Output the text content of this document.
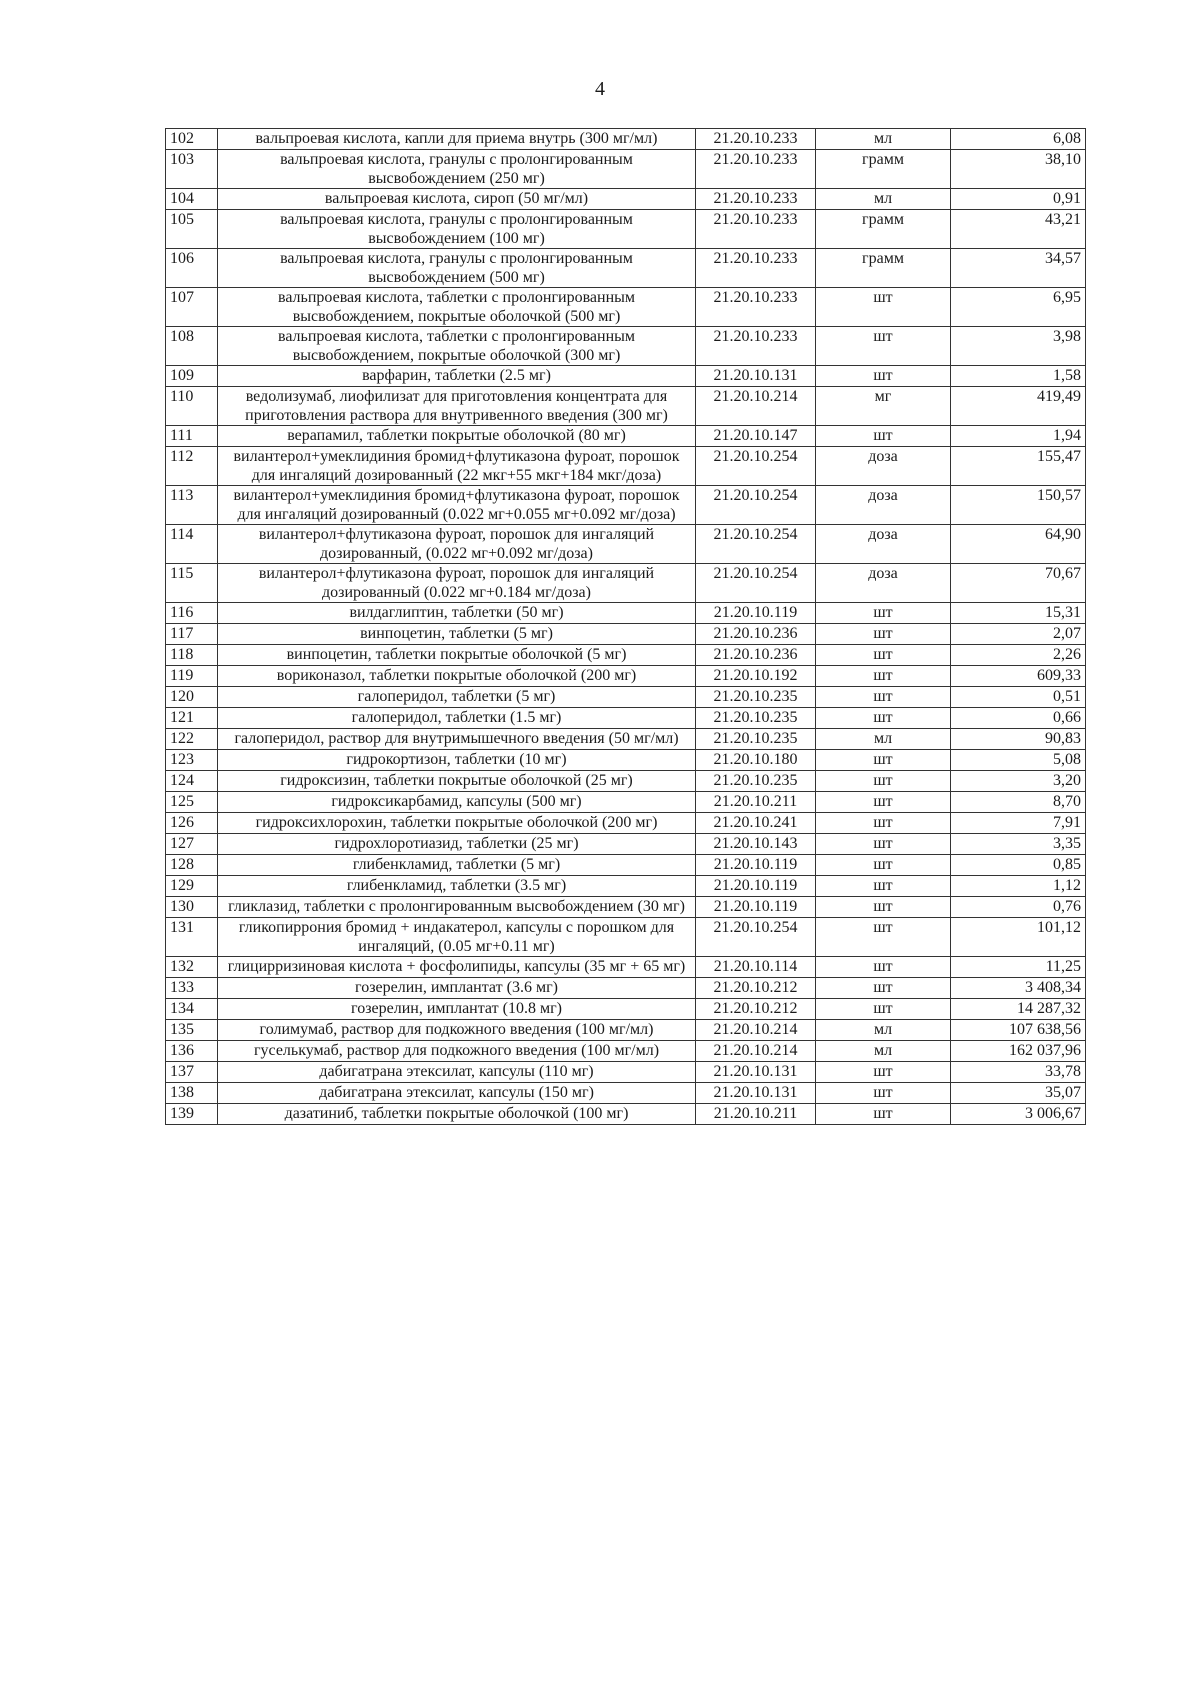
4
102	вальпроевая кислота, капли для приема внутрь (300 мг/мл)	21.20.10.233	мл	6,08
103	вальпроевая кислота, гранулы с пролонгированным высвобождением (250 мг)	21.20.10.233	грамм	38,10
104	вальпроевая кислота, сироп (50 мг/мл)	21.20.10.233	мл	0,91
105	вальпроевая кислота, гранулы с пролонгированным высвобождением (100 мг)	21.20.10.233	грамм	43,21
106	вальпроевая кислота, гранулы с пролонгированным высвобождением (500 мг)	21.20.10.233	грамм	34,57
107	вальпроевая кислота, таблетки с пролонгированным высвобождением, покрытые оболочкой (500 мг)	21.20.10.233	шт	6,95
108	вальпроевая кислота, таблетки с пролонгированным высвобождением, покрытые оболочкой (300 мг)	21.20.10.233	шт	3,98
109	варфарин, таблетки (2.5 мг)	21.20.10.131	шт	1,58
110	ведолизумаб, лиофилизат для приготовления концентрата для приготовления раствора для внутривенного введения (300 мг)	21.20.10.214	мг	419,49
111	верапамил, таблетки покрытые оболочкой (80 мг)	21.20.10.147	шт	1,94
112	вилантерол+умеклидиния бромид+флутиказона фуроат, порошок для ингаляций дозированный (22 мкг+55 мкг+184 мкг/доза)	21.20.10.254	доза	155,47
113	вилантерол+умеклидиния бромид+флутиказона фуроат, порошок для ингаляций дозированный (0.022 мг+0.055 мг+0.092 мг/доза)	21.20.10.254	доза	150,57
114	вилантерол+флутиказона фуроат, порошок для ингаляций дозированный, (0.022 мг+0.092 мг/доза)	21.20.10.254	доза	64,90
115	вилантерол+флутиказона фуроат, порошок для ингаляций дозированный (0.022 мг+0.184 мг/доза)	21.20.10.254	доза	70,67
116	вилдаглиптин, таблетки (50 мг)	21.20.10.119	шт	15,31
117	винпоцетин, таблетки (5 мг)	21.20.10.236	шт	2,07
118	винпоцетин, таблетки покрытые оболочкой (5 мг)	21.20.10.236	шт	2,26
119	вориконазол, таблетки покрытые оболочкой (200 мг)	21.20.10.192	шт	609,33
120	галоперидол, таблетки (5 мг)	21.20.10.235	шт	0,51
121	галоперидол, таблетки (1.5 мг)	21.20.10.235	шт	0,66
122	галоперидол, раствор для внутримышечного введения (50 мг/мл)	21.20.10.235	мл	90,83
123	гидрокортизон, таблетки (10 мг)	21.20.10.180	шт	5,08
124	гидроксизин, таблетки покрытые оболочкой (25 мг)	21.20.10.235	шт	3,20
125	гидроксикарбамид, капсулы (500 мг)	21.20.10.211	шт	8,70
126	гидроксихлорохин, таблетки покрытые оболочкой (200 мг)	21.20.10.241	шт	7,91
127	гидрохлоротиазид, таблетки (25 мг)	21.20.10.143	шт	3,35
128	глибенкламид, таблетки (5 мг)	21.20.10.119	шт	0,85
129	глибенкламид, таблетки (3.5 мг)	21.20.10.119	шт	1,12
130	гликлазид, таблетки с пролонгированным высвобождением (30 мг)	21.20.10.119	шт	0,76
131	гликопиррония бромид + индакатерол, капсулы с порошком для ингаляций, (0.05 мг+0.11 мг)	21.20.10.254	шт	101,12
132	глицирризиновая кислота + фосфолипиды, капсулы (35 мг + 65 мг)	21.20.10.114	шт	11,25
133	гозерелин, имплантат (3.6 мг)	21.20.10.212	шт	3 408,34
134	гозерелин, имплантат (10.8 мг)	21.20.10.212	шт	14 287,32
135	голимумаб, раствор для подкожного введения (100 мг/мл)	21.20.10.214	мл	107 638,56
136	гуселькумаб, раствор для подкожного введения (100 мг/мл)	21.20.10.214	мл	162 037,96
137	дабигатрана этексилат, капсулы (110 мг)	21.20.10.131	шт	33,78
138	дабигатрана этексилат, капсулы (150 мг)	21.20.10.131	шт	35,07
139	дазатиниб, таблетки покрытые оболочкой (100 мг)	21.20.10.211	шт	3 006,67
